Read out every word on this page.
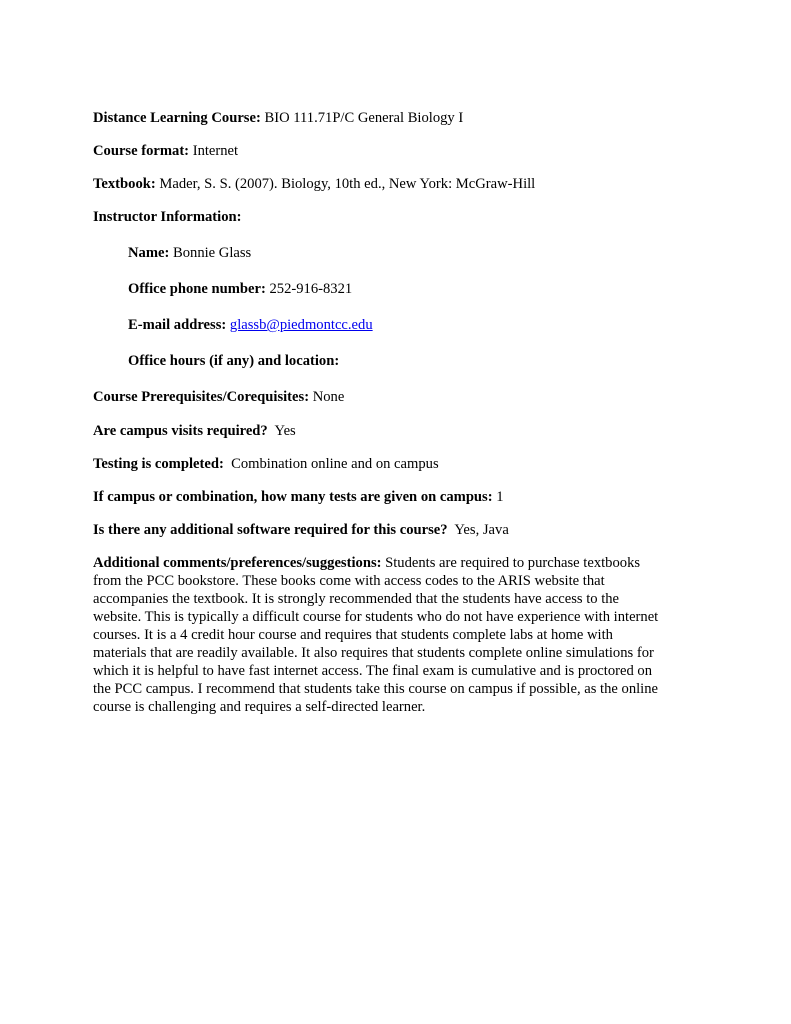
Distance Learning Course: BIO 111.71P/C General Biology I
Course format: Internet
Textbook: Mader, S. S. (2007). Biology, 10th ed., New York: McGraw-Hill
Instructor Information:
Name: Bonnie Glass
Office phone number: 252-916-8321
E-mail address: glassb@piedmontcc.edu
Office hours (if any) and location:
Course Prerequisites/Corequisites: None
Are campus visits required? Yes
Testing is completed: Combination online and on campus
If campus or combination, how many tests are given on campus: 1
Is there any additional software required for this course? Yes, Java
Additional comments/preferences/suggestions: Students are required to purchase textbooks
from the PCC bookstore. These books come with access codes to the ARIS website that
accompanies the textbook. It is strongly recommended that the students have access to the
website. This is typically a difficult course for students who do not have experience with internet
courses. It is a 4 credit hour course and requires that students complete labs at home with
materials that are readily available. It also requires that students complete online simulations for
which it is helpful to have fast internet access. The final exam is cumulative and is proctored on
the PCC campus. I recommend that students take this course on campus if possible, as the online
course is challenging and requires a self-directed learner.
